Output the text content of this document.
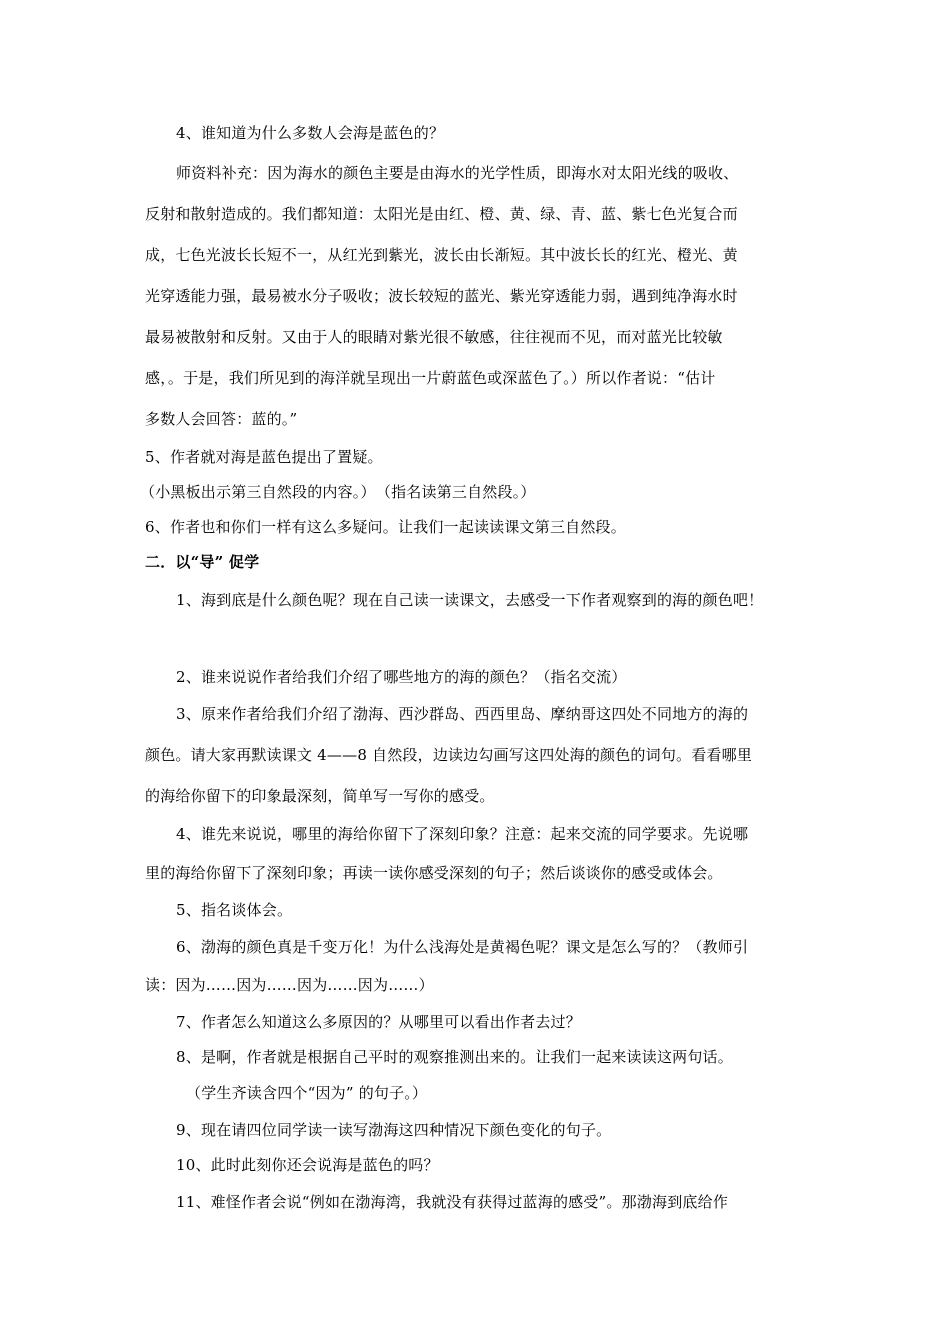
4、谁知道为什么多数人会海是蓝色的？
师资料补充：因为海水的颜色主要是由海水的光学性质，即海水对太阳光线的吸收、
反射和散射造成的。我们都知道：太阳光是由红、橙、黄、绿、青、蓝、紫七色光复合而
成，七色光波长长短不一，从红光到紫光，波长由长渐短。其中波长长的红光、橙光、黄
光穿透能力强，最易被水分子吸收；波长较短的蓝光、紫光穿透能力弱，遇到纯净海水时
最易被散射和反射。又由于人的眼睛对紫光很不敏感，往往视而不见，而对蓝光比较敏
感，。于是，我们所见到的海洋就呈现出一片蔚蓝色或深蓝色了。）所以作者说：“估计
多数人会回答：蓝的。”
5、作者就对海是蓝色提出了置疑。
（小黑板出示第三自然段的内容。）　（指名读第三自然段。）
6、作者也和你们一样有这么多疑问。让我们一起读读课文第三自然段。
二．以“导” 促学
1、海到底是什么颜色呢？现在自己读一读课文，去感受一下作者观察到的海的颜色吧！
2、谁来说说作者给我们介绍了哪些地方的海的颜色？（指名交流）
3、原来作者给我们介绍了渤海、西沙群岛、西西里岛、摩纳哥这四处不同地方的海的
颜色。请大家再默读课文 4——8 自然段，边读边勾画写这四处海的颜色的词句。看看哪里
的海给你留下的印象最深刻，简单写一写你的感受。
4、谁先来说说，哪里的海给你留下了深刻印象？注意：起来交流的同学要求。先说哪
里的海给你留下了深刻印象；再读一读你感受深刻的句子；然后谈谈你的感受或体会。
5、指名谈体会。
6、渤海的颜色真是千变万化！为什么浅海处是黄褐色呢？课文是怎么写的？（教师引
读：因为……因为……因为……因为……）
7、作者怎么知道这么多原因的？从哪里可以看出作者去过？
8、是啊，作者就是根据自己平时的观察推测出来的。让我们一起来读读这两句话。
（学生齐读含四个“因为” 的句子。）
9、现在请四位同学读一读写渤海这四种情况下颜色变化的句子。
10、此时此刻你还会说海是蓝色的吗？
11、难怪作者会说“例如在渤海湾，我就没有获得过蓝海的感受”。那渤海到底给作
